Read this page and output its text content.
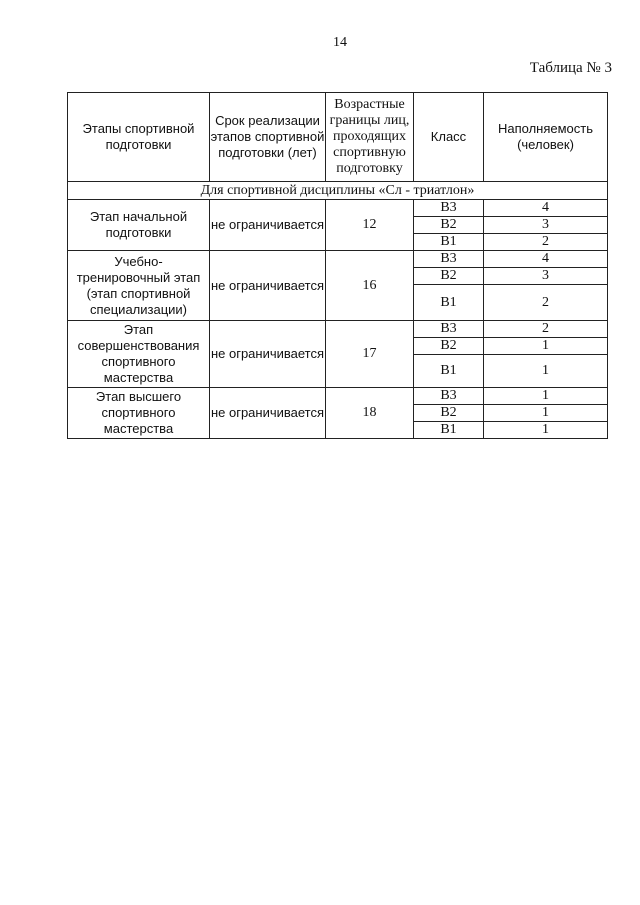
14
Таблица № 3
Этапы спортивной подготовки	Срок реализации этапов спортивной подготовки (лет)	Возрастные границы лиц, проходящих спортивную подготовку	Класс	Наполняемость (человек)
Для спортивной дисциплины «Сл - триатлон»				
Этап начальной подготовки	не ограничивается	12	В3	4
			В2	3
			В1	2
Учебно-тренировочный этап (этап спортивной специализации)	не ограничивается	16	В3	4
			В2	3
			В1	2
Этап совершенствования спортивного мастерства	не ограничивается	17	В3	2
			В2	1
			В1	1
Этап высшего спортивного мастерства	не ограничивается	18	В3	1
			В2	1
			В1	1
